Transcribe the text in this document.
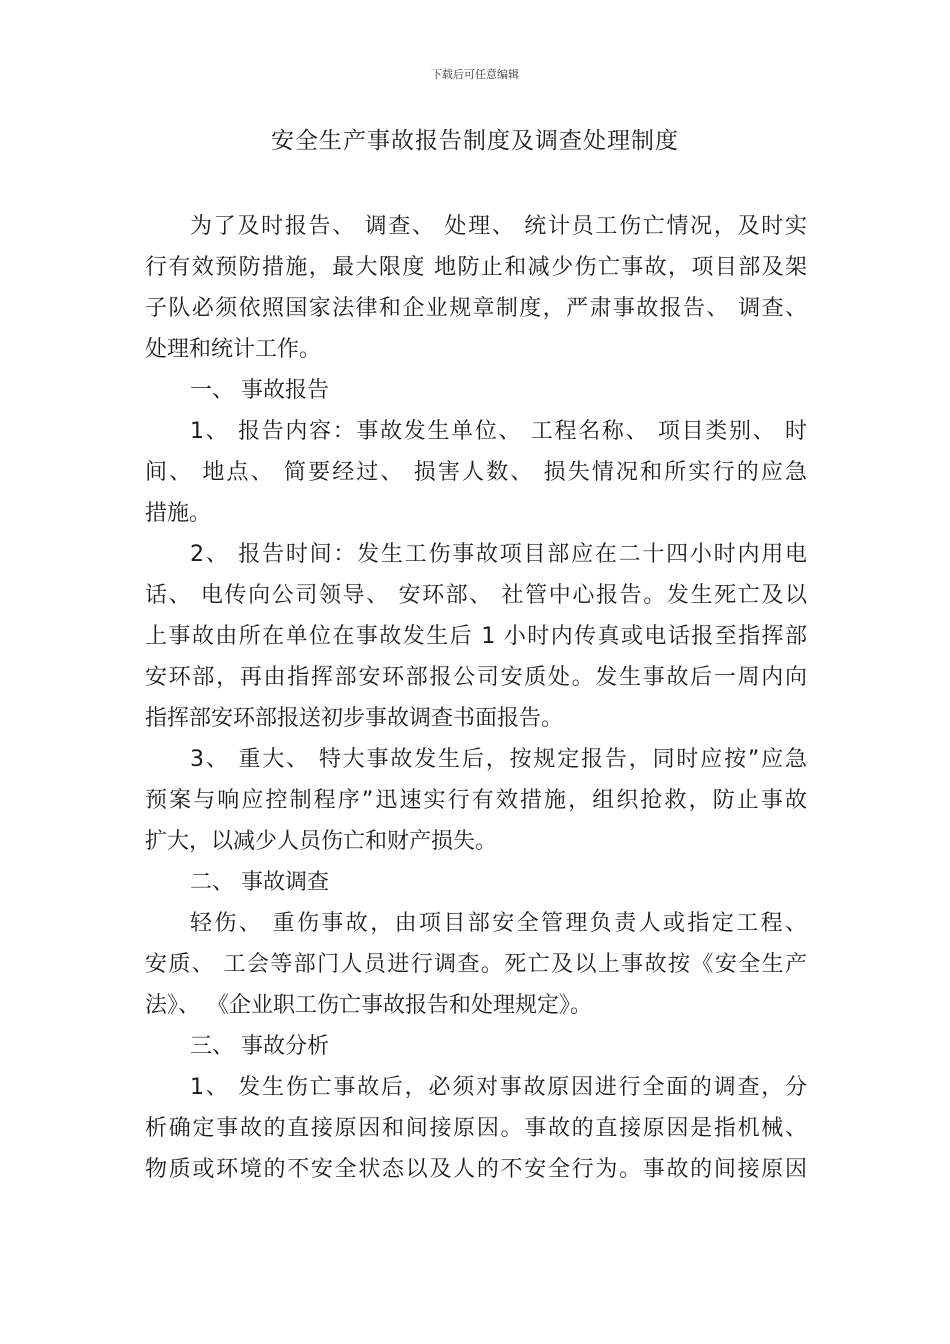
下载后可任意编辑
安全生产事故报告制度及调查处理制度
为了及时报告、 调查、 处理、 统计员工伤亡情况，及时实
行有效预防措施，最大限度 地防止和减少伤亡事故，项目部及架
子队必须依照国家法律和企业规章制度，严肃事故报告、 调查、
处理和统计工作。
一、 事故报告
1、 报告内容：事故发生单位、 工程名称、 项目类别、 时
间、 地点、 简要经过、 损害人数、 损失情况和所实行的应急
措施。
2、 报告时间：发生工伤事故项目部应在二十四小时内用电
话、 电传向公司领导、 安环部、 社管中心报告。发生死亡及以
上事故由所在单位在事故发生后 1 小时内传真或电话报至指挥部
安环部，再由指挥部安环部报公司安质处。发生事故后一周内向
指挥部安环部报送初步事故调查书面报告。
3、 重大、 特大事故发生后，按规定报告，同时应按”应急
预案与响应控制程序”迅速实行有效措施，组织抢救，防止事故
扩大，以减少人员伤亡和财产损失。
二、 事故调查
轻伤、 重伤事故，由项目部安全管理负责人或指定工程、
安质、 工会等部门人员进行调查。死亡及以上事故按《安全生产
法》、 《企业职工伤亡事故报告和处理规定》。
三、 事故分析
1、 发生伤亡事故后，必须对事故原因进行全面的调查，分
析确定事故的直接原因和间接原因。事故的直接原因是指机械、
物质或环境的不安全状态以及人的不安全行为。事故的间接原因
